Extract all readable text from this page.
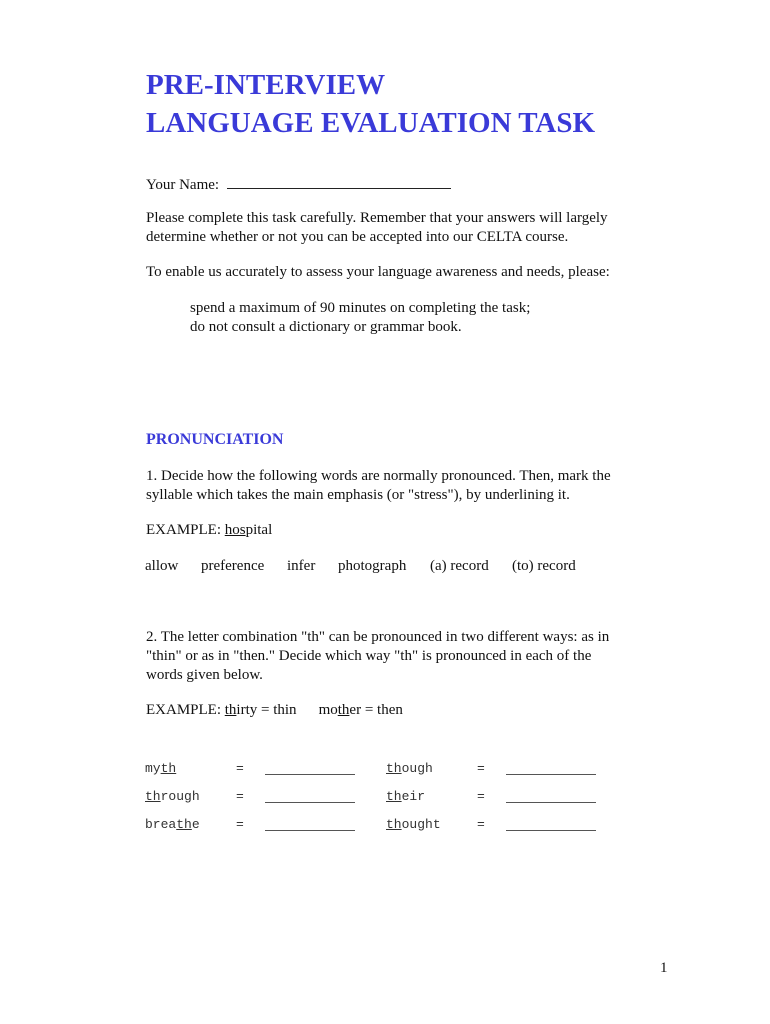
PRE-INTERVIEW
LANGUAGE EVALUATION TASK
Your Name:
Please complete this task carefully. Remember that your answers will largely
determine whether or not you can be accepted into our CELTA course.
To enable us accurately to assess your language awareness and needs, please:
spend a maximum of 90 minutes on completing the task;
do not consult a dictionary or grammar book.
PRONUNCIATION
1. Decide how the following words are normally pronounced. Then, mark the
syllable which takes the main emphasis (or "stress"), by underlining it.
EXAMPLE: hospital
allow preference infer photograph (a) record (to) record
2. The letter combination "th" can be pronounced in two different ways: as in
"thin" or as in "then." Decide which way "th" is pronounced in each of the
words given below.
EXAMPLE: thirty = thin mother = then
myth	=	though	=
through	=	their	=
breathe	=	thought	=
1
